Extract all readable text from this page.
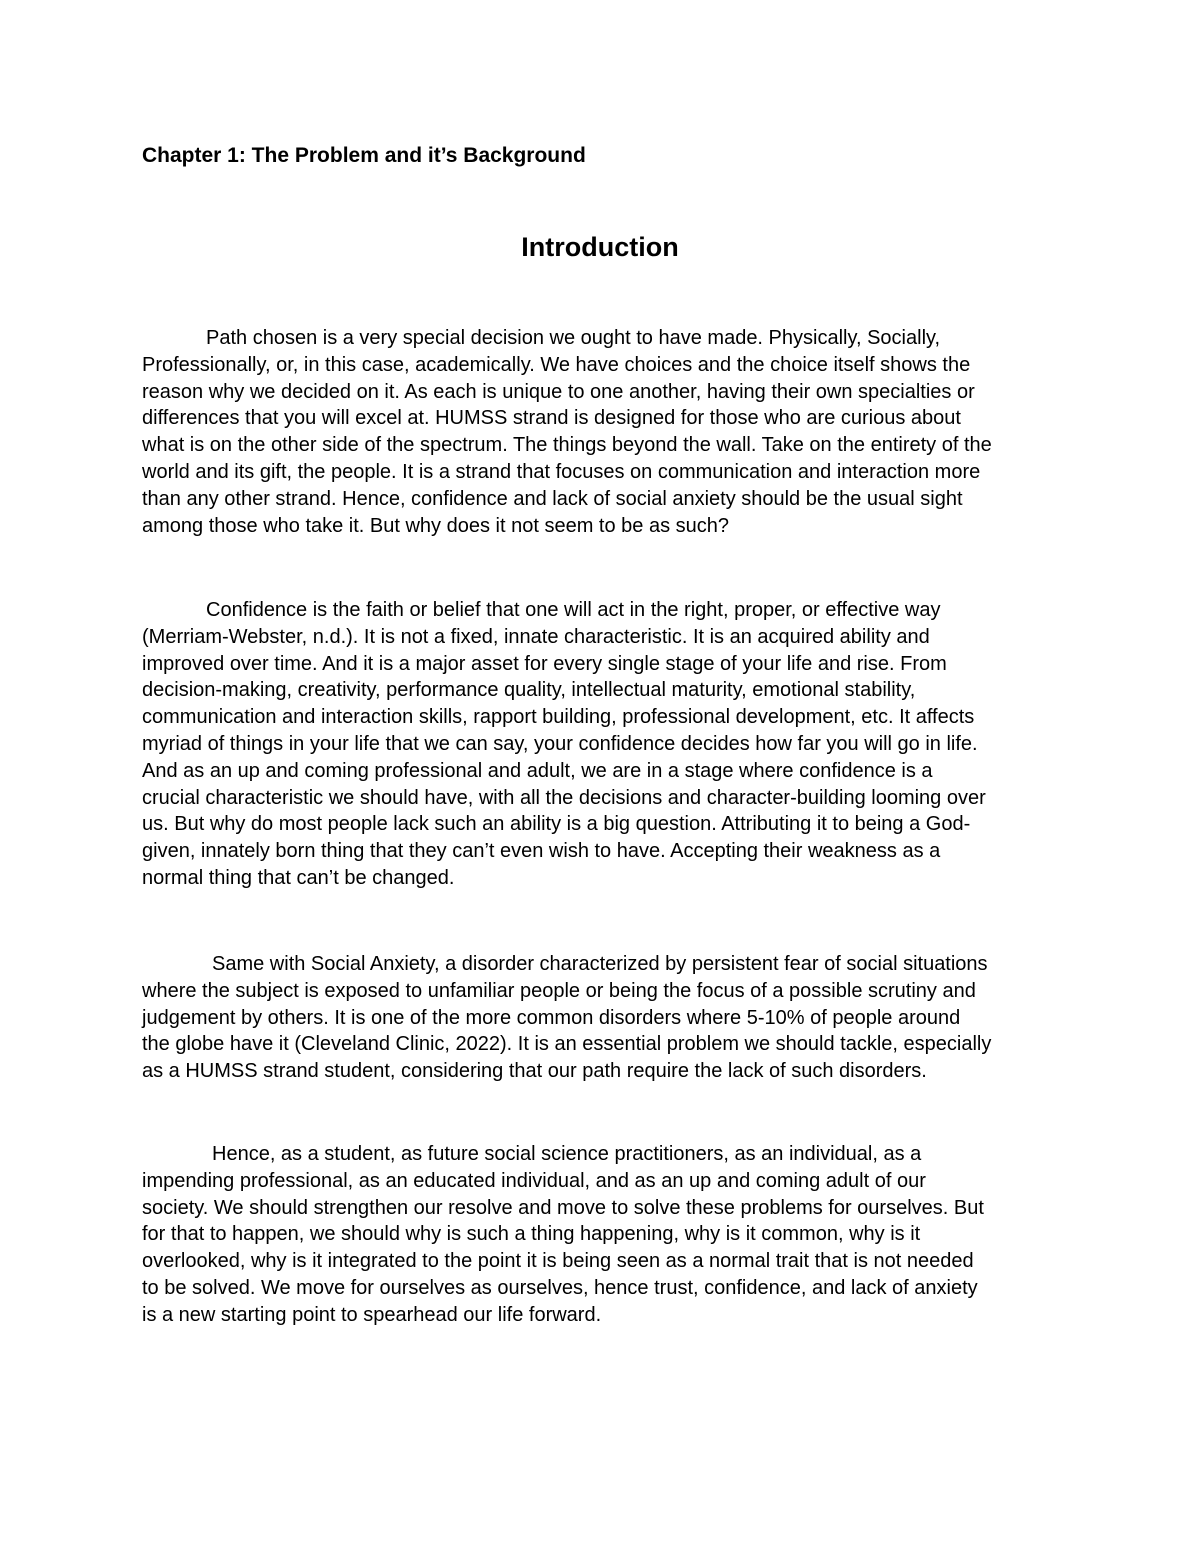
Chapter 1: The Problem and it’s Background
Introduction

Path chosen is a very special decision we ought to have made. Physically, Socially,
Professionally, or, in this case, academically. We have choices and the choice itself shows the
reason why we decided on it. As each is unique to one another, having their own specialties or
differences that you will excel at. HUMSS strand is designed for those who are curious about
what is on the other side of the spectrum. The things beyond the wall. Take on the entirety of the
world and its gift, the people. It is a strand that focuses on communication and interaction more
than any other strand. Hence, confidence and lack of social anxiety should be the usual sight
among those who take it. But why does it not seem to be as such?

Confidence is the faith or belief that one will act in the right, proper, or effective way
(Merriam-Webster, n.d.). It is not a fixed, innate characteristic. It is an acquired ability and
improved over time. And it is a major asset for every single stage of your life and rise. From
decision-making, creativity, performance quality, intellectual maturity, emotional stability,
communication and interaction skills, rapport building, professional development, etc. It affects
myriad of things in your life that we can say, your confidence decides how far you will go in life.
And as an up and coming professional and adult, we are in a stage where confidence is a
crucial characteristic we should have, with all the decisions and character-building looming over
us. But why do most people lack such an ability is a big question. Attributing it to being a God-
given, innately born thing that they can’t even wish to have. Accepting their weakness as a
normal thing that can’t be changed.

Same with Social Anxiety, a disorder characterized by persistent fear of social situations
where the subject is exposed to unfamiliar people or being the focus of a possible scrutiny and
judgement by others. It is one of the more common disorders where 5-10% of people around
the globe have it (Cleveland Clinic, 2022). It is an essential problem we should tackle, especially
as a HUMSS strand student, considering that our path require the lack of such disorders.

Hence, as a student, as future social science practitioners, as an individual, as a
impending professional, as an educated individual, and as an up and coming adult of our
society. We should strengthen our resolve and move to solve these problems for ourselves. But
for that to happen, we should why is such a thing happening, why is it common, why is it
overlooked, why is it integrated to the point it is being seen as a normal trait that is not needed
to be solved. We move for ourselves as ourselves, hence trust, confidence, and lack of anxiety
is a new starting point to spearhead our life forward.
